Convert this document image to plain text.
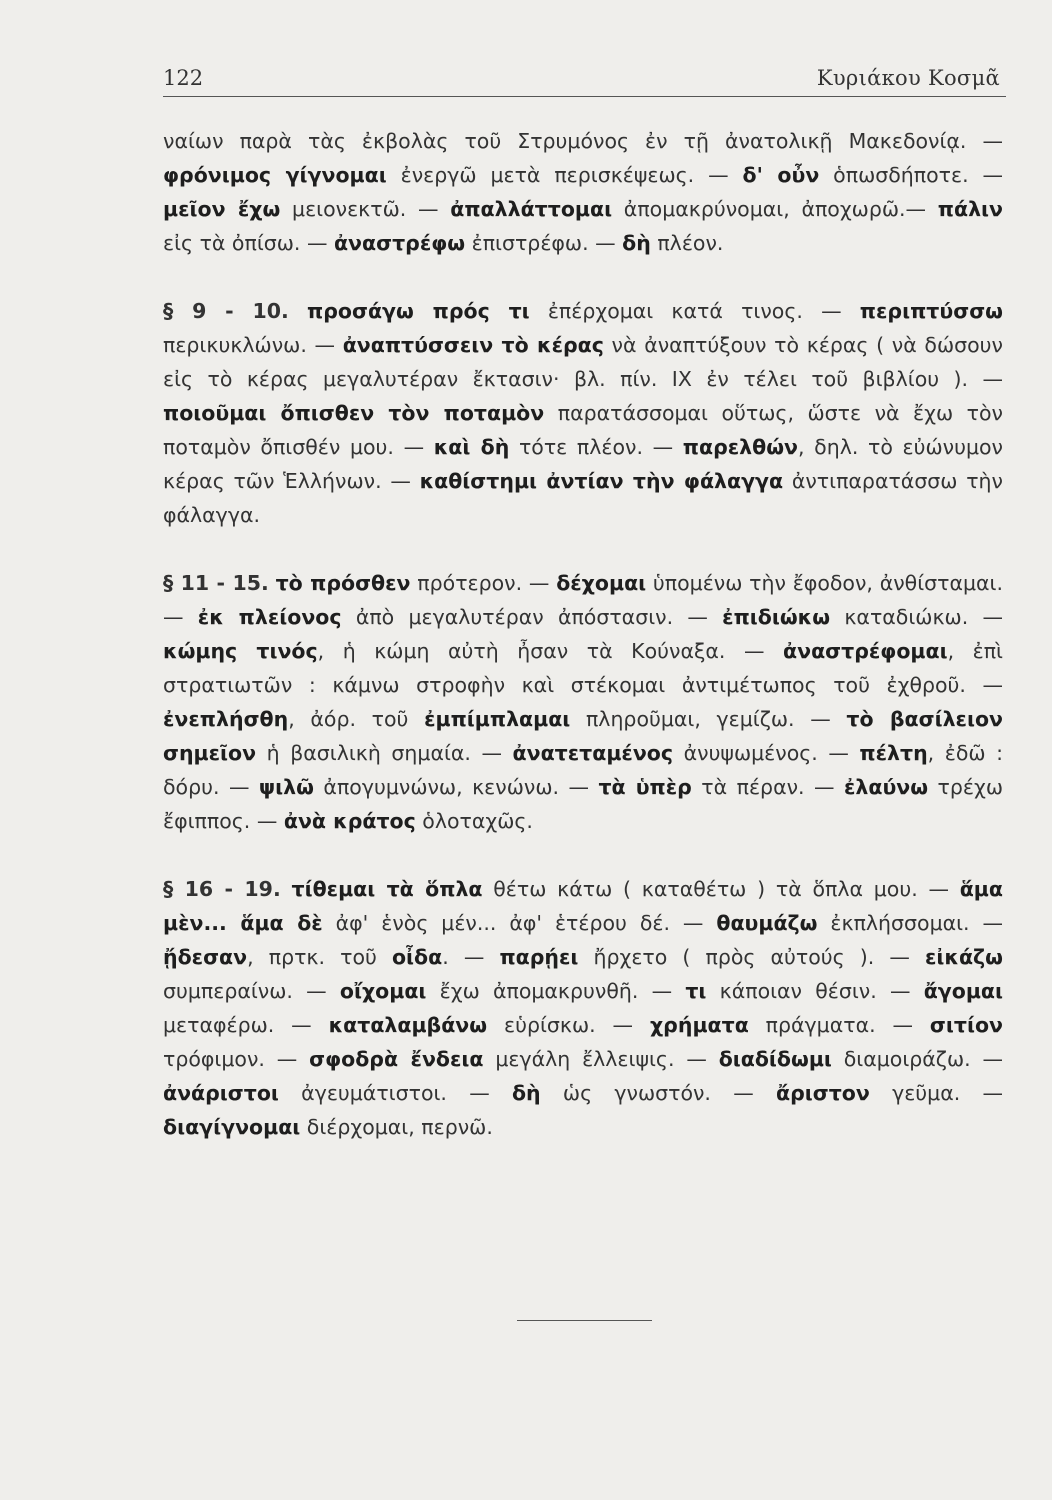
122	Κυριάκου Κοσμᾶ

ναίων παρὰ τὰς ἐκβολὰς τοῦ Στρυμόνος ἐν τῇ ἀνατολικῇ Μακεδονίᾳ. — φρόνιμος γίγνομαι ἐνεργῶ μετὰ περισκέψεως. — δ' οὖν ὁπωσδήποτε. — μεῖον ἔχω μειονεκτῶ. — ἀπαλλάττομαι ἀπομακρύνομαι, ἀποχωρῶ.— πάλιν εἰς τὰ ὀπίσω. — ἀναστρέφω ἐπιστρέφω. — δὴ πλέον.

§ 9 - 10. προσάγω πρός τι ἐπέρχομαι κατά τινος. — περιπτύσσω περικυκλώνω. — ἀναπτύσσειν τὸ κέρας νὰ ἀναπτύξουν τὸ κέρας ( νὰ δώσουν εἰς τὸ κέρας μεγαλυτέραν ἔκτασιν· βλ. πίν. IX ἐν τέλει τοῦ βιβλίου ). — ποιοῦμαι ὄπισθεν τὸν ποταμὸν παρατάσσομαι οὕτως, ὥστε νὰ ἔχω τὸν ποταμὸν ὄπισθέν μου. — καὶ δὴ τότε πλέον. — παρελθών, δηλ. τὸ εὐώνυμον κέρας τῶν Ἑλλήνων. — καθίστημι ἀντίαν τὴν φάλαγγα ἀντιπαρατάσσω τὴν φάλαγγα.

§ 11 - 15. τὸ πρόσθεν πρότερον. — δέχομαι ὑπομένω τὴν ἔφοδον, ἀνθίσταμαι. — ἐκ πλείονος ἀπὸ μεγαλυτέραν ἀπόστασιν. — ἐπιδιώκω καταδιώκω. — κώμης τινός, ἡ κώμη αὐτὴ ἦσαν τὰ Κούναξα. — ἀναστρέφομαι, ἐπὶ στρατιωτῶν : κάμνω στροφὴν καὶ στέκομαι ἀντιμέτωπος τοῦ ἐχθροῦ. — ἐνεπλήσθη, ἀόρ. τοῦ ἐμπίμπλαμαι πληροῦμαι, γεμίζω. — τὸ βασίλειον σημεῖον ἡ βασιλικὴ σημαία. — ἀνατεταμένος ἀνυψωμένος. — πέλτη, ἐδῶ : δόρυ. — ψιλῶ ἀπογυμνώνω, κενώνω. — τὰ ὑπὲρ τὰ πέραν. — ἐλαύνω τρέχω ἔφιππος. — ἀνὰ κράτος ὁλοταχῶς.

§ 16 - 19. τίθεμαι τὰ ὅπλα θέτω κάτω ( καταθέτω ) τὰ ὅπλα μου. — ἅμα μὲν... ἅμα δὲ ἀφ' ἑνὸς μέν... ἀφ' ἑτέρου δέ. — θαυμάζω ἐκπλήσσομαι. — ᾔδεσαν, πρτκ. τοῦ οἶδα. — παρῄει ἤρχετο ( πρὸς αὐτούς ). — εἰκάζω συμπεραίνω. — οἴχομαι ἔχω ἀπομακρυνθῆ. — τι κάποιαν θέσιν. — ἄγομαι μεταφέρω. — καταλαμβάνω εὑρίσκω. — χρήματα πράγματα. — σιτίον τρόφιμον. — σφοδρὰ ἔνδεια μεγάλη ἔλλειψις. — διαδίδωμι διαμοιράζω. — ἀνάριστοι ἀγευμάτιστοι. — δὴ ὡς γνωστόν. — ἄριστον γεῦμα. — διαγίγνομαι διέρχομαι, περνῶ.
